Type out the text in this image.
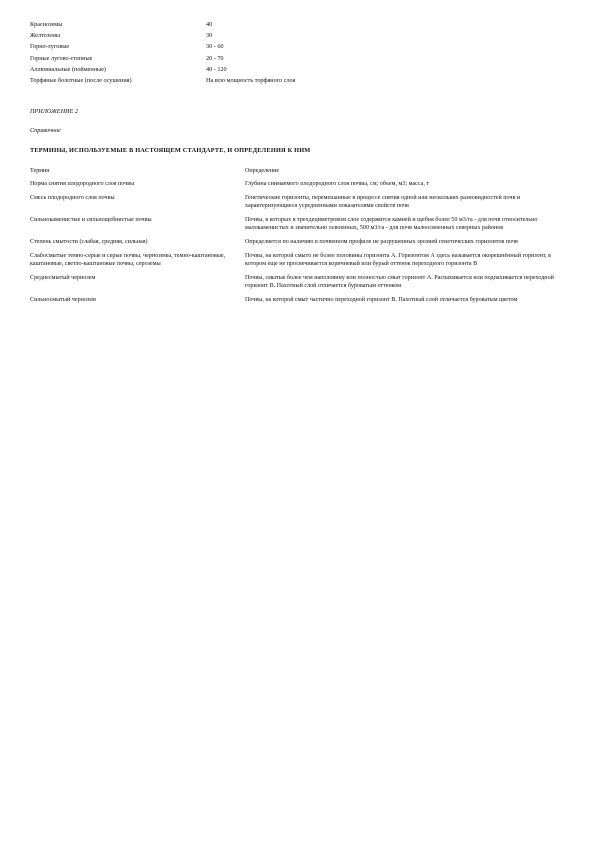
Красноземы	40
Желтоземы	30
Горно-луговые	30 - 60
Горные лугово-степные	20 - 70
Аллювиальные (пойменные)	40 - 120
Торфяные болотные (после осушения)	На всю мощность торфяного слоя
ПРИЛОЖЕНИЕ 2
Справочное
ТЕРМИНЫ, ИСПОЛЬЗУЕМЫЕ В НАСТОЯЩЕМ СТАНДАРТЕ, И ОПРЕДЕЛЕНИЯ К НИМ
Термин	Определение
Норма снятия плодородного слоя почвы	Глубина снимаемого плодородного слоя почвы, см; объем, м3; масса, т
Смесь плодородного слоя почвы	Генетические горизонты, перемешанные в процессе снятия одной или нескольких разновидностей почв и характеризующиеся усредненными показателями свойств почв
Сильнокаменистые и сильнощебнистые почвы	Почвы, в которых в трехдециметровом слое содержится камней и щебня более 50 м3/га - для почв относительно малокаменистых и значительно освоенных, 500 м3/га - для почв малоосвоенных северных районов
Степень смытости (слабая, средняя, сильная)	Определяется по наличию в почвенном профиле не разрушенных эрозией генетических горизонтов почв
Слабосмытые темно-серые и серые почвы, черноземы, темно-каштановые, каштановые, светло-каштановые почвы, сероземы	Почвы, на которой смыто не более половины горизонта А. Горизонтом А здесь называется окорешнённый горизонт, в котором еще не просвечивается коричневый или бурый оттенок переходного горизонта В
Среднесмытый чернозем	Почвы, смытые более чем наполовину или полностью смыт горизонт А. Распахивается или подпахивается переходной горизонт В. Пахотный слой отличается буроватым оттенком
Сильносмытый чернозем	Почвы, на которой смыт частично переходной горизонт В. Пахотный слой отличается буроватым цветом
